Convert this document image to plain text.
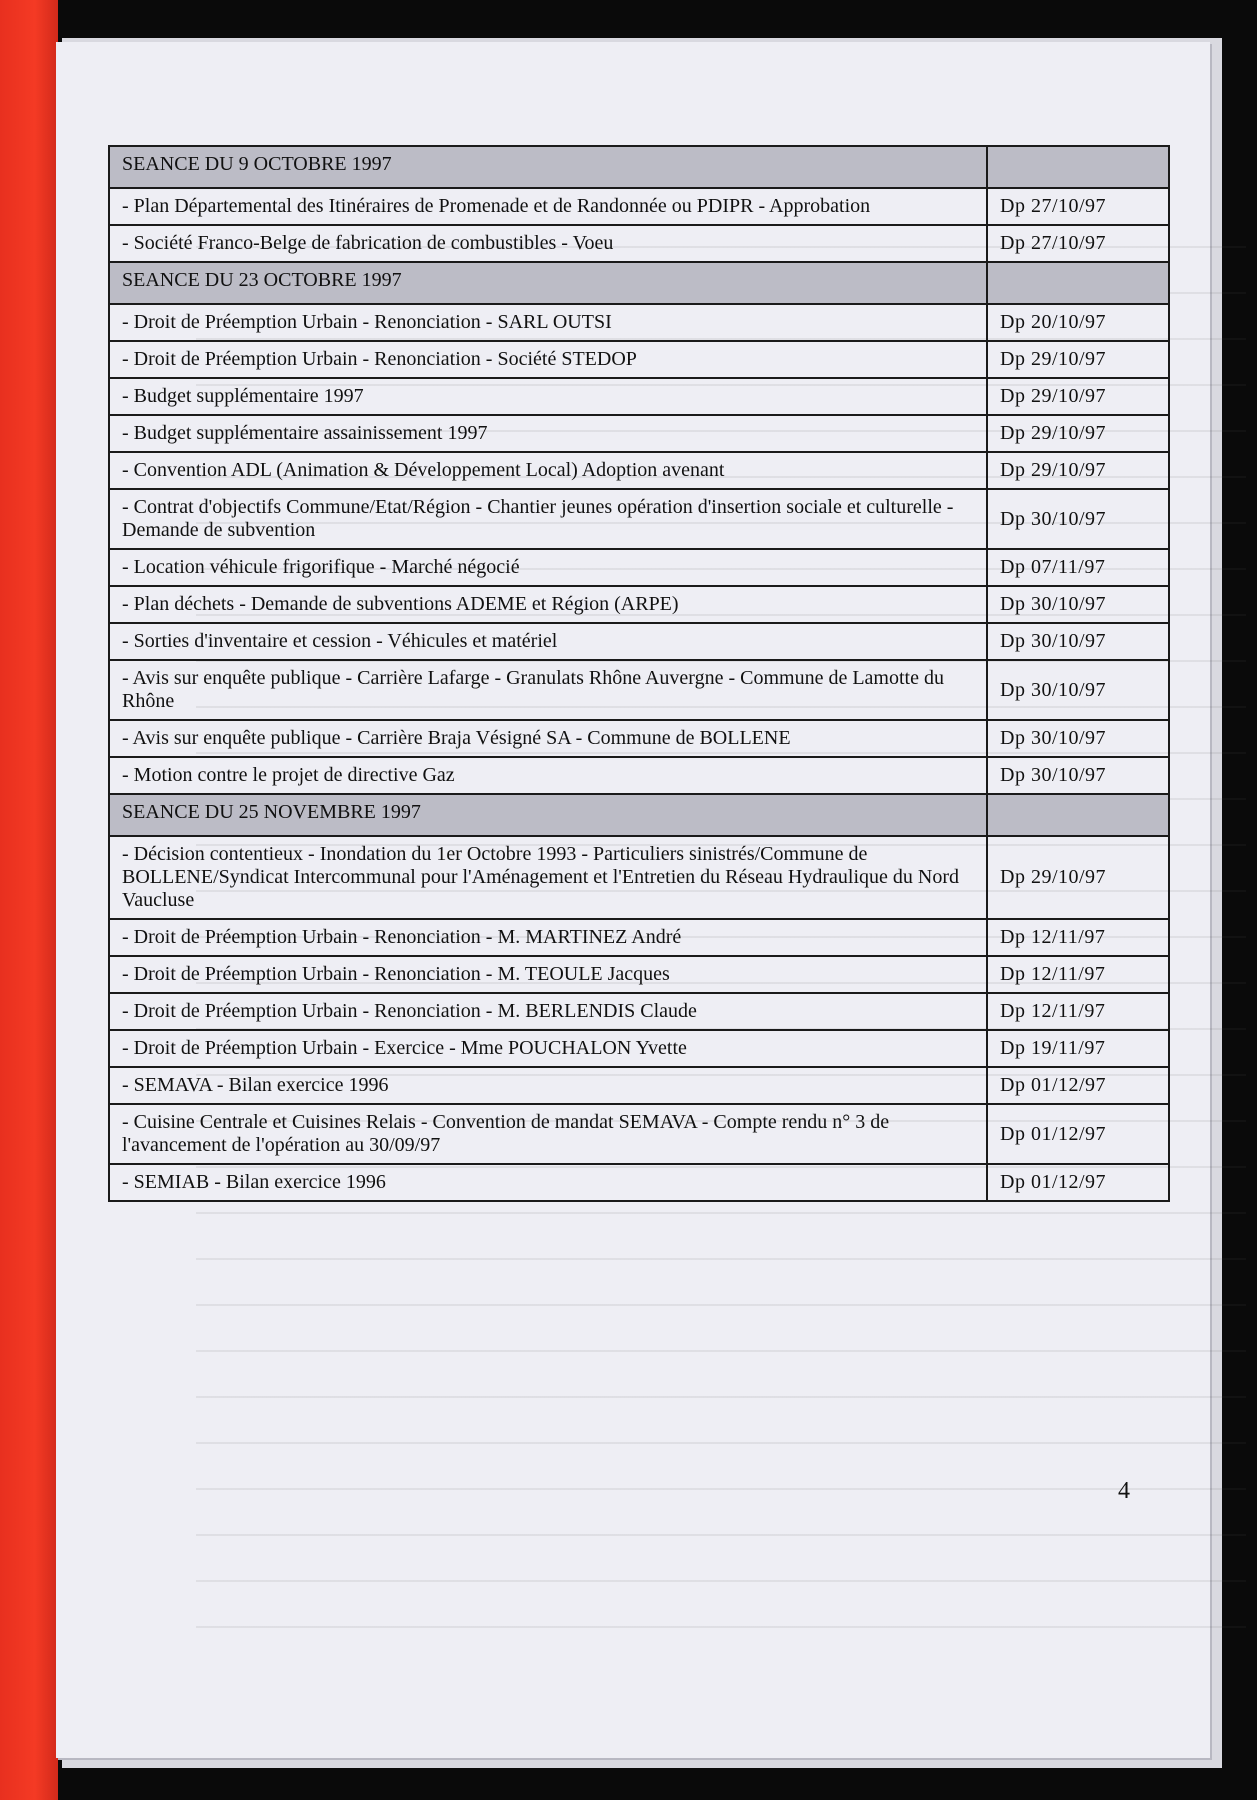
SEANCE DU 9 OCTOBRE 1997	
- Plan Départemental des Itinéraires de Promenade et de Randonnée ou PDIPR - Approbation	Dp 27/10/97
- Société Franco-Belge de fabrication de combustibles - Voeu	Dp 27/10/97
SEANCE DU 23 OCTOBRE 1997	
- Droit de Préemption Urbain - Renonciation - SARL OUTSI	Dp 20/10/97
- Droit de Préemption Urbain - Renonciation - Société STEDOP	Dp 29/10/97
- Budget supplémentaire 1997	Dp 29/10/97
- Budget supplémentaire assainissement 1997	Dp 29/10/97
- Convention ADL (Animation & Développement Local) Adoption avenant	Dp 29/10/97
- Contrat d'objectifs Commune/Etat/Région - Chantier jeunes opération d'insertion sociale et culturelle - Demande de subvention	Dp 30/10/97
- Location véhicule frigorifique - Marché négocié	Dp 07/11/97
- Plan déchets - Demande de subventions ADEME et Région (ARPE)	Dp 30/10/97
- Sorties d'inventaire et cession - Véhicules et matériel	Dp 30/10/97
- Avis sur enquête publique - Carrière Lafarge - Granulats Rhône Auvergne - Commune de Lamotte du Rhône	Dp 30/10/97
- Avis sur enquête publique - Carrière Braja Vésigné SA - Commune de BOLLENE	Dp 30/10/97
- Motion contre le projet de directive Gaz	Dp 30/10/97
SEANCE DU 25 NOVEMBRE 1997	
- Décision contentieux - Inondation du 1er Octobre 1993 - Particuliers sinistrés/Commune de BOLLENE/Syndicat Intercommunal pour l'Aménagement et l'Entretien du Réseau Hydraulique du Nord Vaucluse	Dp 29/10/97
- Droit de Préemption Urbain - Renonciation - M. MARTINEZ André	Dp 12/11/97
- Droit de Préemption Urbain - Renonciation - M. TEOULE Jacques	Dp 12/11/97
- Droit de Préemption Urbain - Renonciation - M. BERLENDIS Claude	Dp 12/11/97
- Droit de Préemption Urbain - Exercice - Mme POUCHALON Yvette	Dp 19/11/97
- SEMAVA - Bilan exercice 1996	Dp 01/12/97
- Cuisine Centrale et Cuisines Relais - Convention de mandat SEMAVA - Compte rendu n° 3 de l'avancement de l'opération au 30/09/97	Dp 01/12/97
- SEMIAB - Bilan exercice 1996	Dp 01/12/97
4
